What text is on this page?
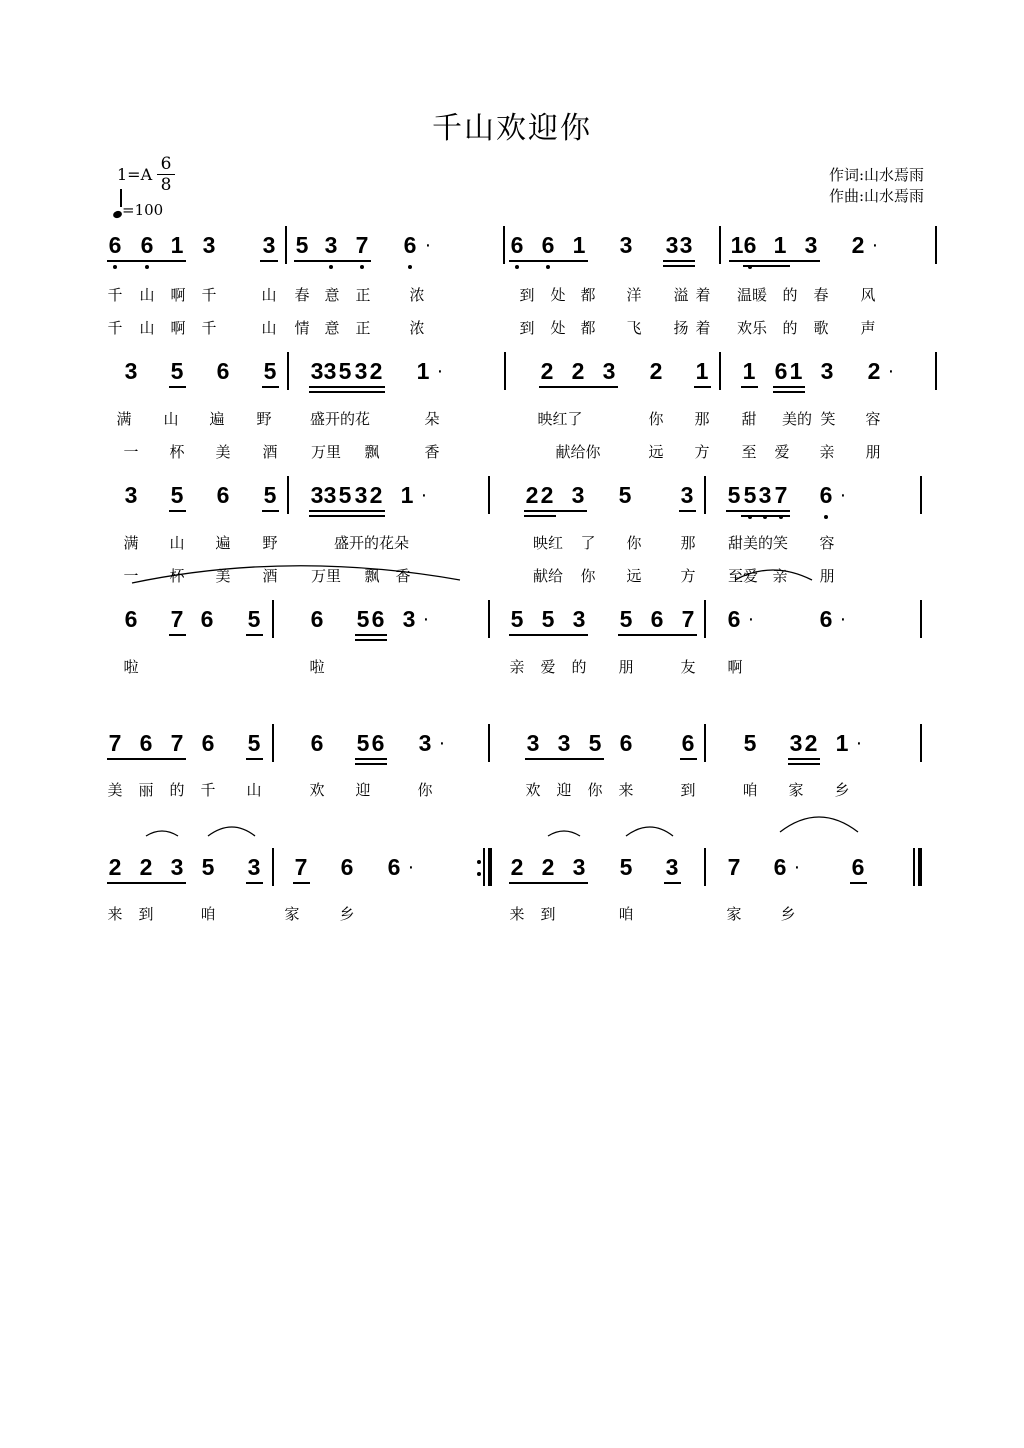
千山欢迎你
1=A
6
8
=100
作词:山水焉雨
作曲:山水焉雨
6 6 1 3 3 5 3 7 6 ·	6 6 1 3 3 3 1 6 1 3 2 ·
千	山	啊	千	山	春 意	正	浓	到	处 都	洋	溢 着	温暖	的	春	风
千	山	啊	千	山	情 意	正	浓	到	处 都	飞	扬 着	欢乐	的	歌	声
3 5 6 5 3 3 5 3 2 1 ·	2 2 3 2 1 1 6 1 3 2 ·
满	山	遍	野	盛开的花	朵	映红了	你	那	甜	美的 笑	容
一	杯	美	酒	万里	飘	香	献给你	远	方	至	爱	亲	朋
3 5 6 5 3 3 5 3 2 1 ·	2 2 3 5 3 5 5 3 7 6 ·
满	山	遍	野	盛开的花朵	映红	了	你	那	甜美的笑	容
一	杯	美	酒	万里	飘	香	献给	你	远	方	至爱 亲	朋
6 7 6 5 6 5 6 3 ·	5 5 3 5 6 7 6 ·	6 ·
啦	啦	亲	爱	的	朋	友	啊
7 6 7 6 5 6 5 6 3 ·	3 3 5 6 6 5 3 2 1 ·
美	丽	的	千	山	欢	迎	你	欢	迎	你	来	到	咱	家	乡
2 2 3 5 3 7 6 6 ·	2 2 3 5 3 7 6 ·	6
来	到	咱	家	乡	来	到	咱	家	乡
